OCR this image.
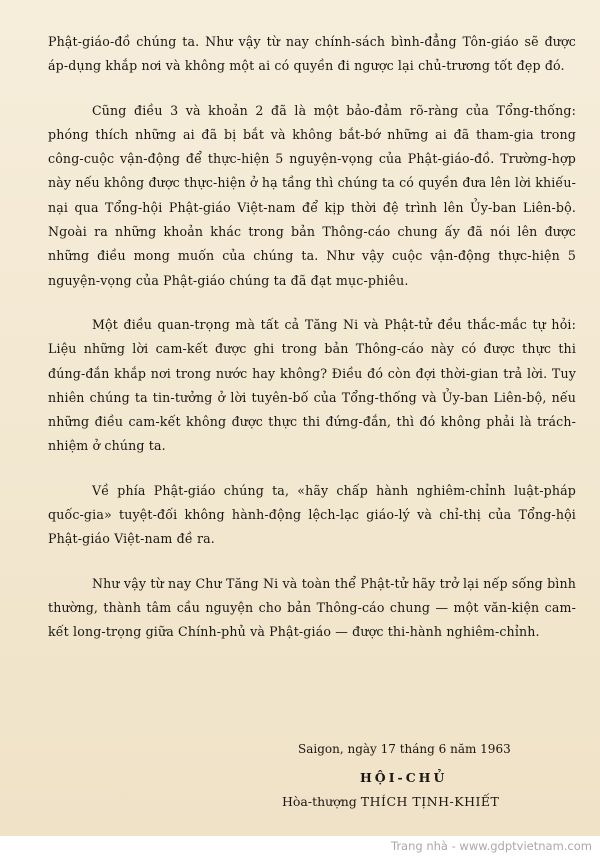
Phật-giáo-đồ chúng ta. Như vậy từ nay chính-sách bình-đẳng Tôn-giáo sẽ được áp-dụng khắp nơi và không một ai có quyền đi ngược lại chủ-trương tốt đẹp đó.

Cũng điều 3 và khoản 2 đã là một bảo-đảm rõ-ràng của Tổng-thống: phóng thích những ai đã bị bắt và không bắt-bớ những ai đã tham-gia trong công-cuộc vận-động để thực-hiện 5 nguyện-vọng của Phật-giáo-đồ. Trường-hợp này nếu không được thực-hiện ở hạ tầng thì chúng ta có quyền đưa lên lời khiếu-nại qua Tổng-hội Phật-giáo Việt-nam để kịp thời đệ trình lên Ủy-ban Liên-bộ. Ngoài ra những khoản khác trong bản Thông-cáo chung ấy đã nói lên được những điều mong muốn của chúng ta. Như vậy cuộc vận-động thực-hiện 5 nguyện-vọng của Phật-giáo chúng ta đã đạt mục-phiêu.

Một điều quan-trọng mà tất cả Tăng Ni và Phật-tử đều thắc-mắc tự hỏi: Liệu những lời cam-kết được ghi trong bản Thông-cáo này có được thực thi đúng-đắn khắp nơi trong nước hay không? Điều đó còn đợi thời-gian trả lời. Tuy nhiên chúng ta tin-tưởng ở lời tuyên-bố của Tổng-thống và Ủy-ban Liên-bộ, nếu những điều cam-kết không được thực thi đứng-đắn, thì đó không phải là trách-nhiệm ở chúng ta.

Về phía Phật-giáo chúng ta, «hãy chấp hành nghiêm-chỉnh luật-pháp quốc-gia» tuyệt-đối không hành-động lệch-lạc giáo-lý và chỉ-thị của Tổng-hội Phật-giáo Việt-nam đề ra.

Như vậy từ nay Chư Tăng Ni và toàn thể Phật-tử hãy trở lại nếp sống bình thường, thành tâm cầu nguyện cho bản Thông-cáo chung — một văn-kiện cam-kết long-trọng giữa Chính-phủ và Phật-giáo — được thi-hành nghiêm-chỉnh.

Saigon, ngày 17 tháng 6 năm 1963
HỘI-CHỦ
Hòa-thượng THÍCH TỊNH-KHIẾT
Trang nhà - www.gdptvietnam.com
